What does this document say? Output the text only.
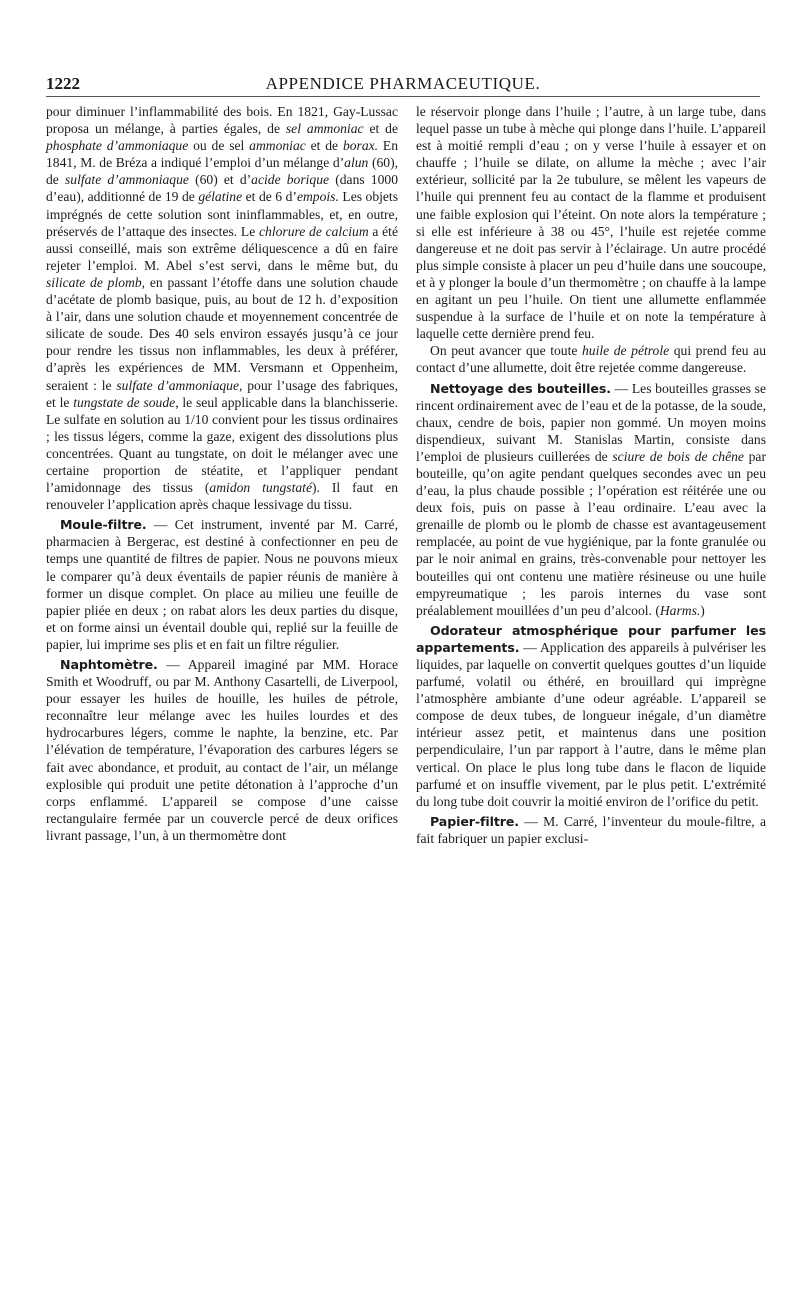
1222	APPENDICE PHARMACEUTIQUE.

pour diminuer l’inflammabilité des bois. En 1821, Gay-Lussac proposa un mélange, à parties égales, de sel ammoniac et de phosphate d’ammoniaque ou de sel ammoniac et de borax. En 1841, M. de Bréza a indiqué l’emploi d’un mélange d’alun (60), de sulfate d’ammoniaque (60) et d’acide borique (dans 1000 d’eau), additionné de 19 de gélatine et de 6 d’empois. Les objets imprégnés de cette solution sont ininflammables, et, en outre, préservés de l’attaque des insectes. Le chlorure de calcium a été aussi conseillé, mais son extrême déliquescence a dû en faire rejeter l’emploi. M. Abel s’est servi, dans le même but, du silicate de plomb, en passant l’étoffe dans une solution chaude d’acétate de plomb basique, puis, au bout de 12 h. d’exposition à l’air, dans une solution chaude et moyennement concentrée de silicate de soude. Des 40 sels environ essayés jusqu’à ce jour pour rendre les tissus non inflammables, les deux à préférer, d’après les expériences de MM. Versmann et Oppenheim, seraient : le sulfate d’ammoniaque, pour l’usage des fabriques, et le tungstate de soude, le seul applicable dans la blanchisserie. Le sulfate en solution au 1/10 convient pour les tissus ordinaires ; les tissus légers, comme la gaze, exigent des dissolutions plus concentrées. Quant au tungstate, on doit le mélanger avec une certaine proportion de stéatite, et l’appliquer pendant l’amidonnage des tissus (amidon tungstaté). Il faut en renouveler l’application après chaque lessivage du tissu.

Moule-filtre. — Cet instrument, inventé par M. Carré, pharmacien à Bergerac, est destiné à confectionner en peu de temps une quantité de filtres de papier. Nous ne pouvons mieux le comparer qu’à deux éventails de papier réunis de manière à former un disque complet. On place au milieu une feuille de papier pliée en deux ; on rabat alors les deux parties du disque, et on forme ainsi un éventail double qui, replié sur la feuille de papier, lui imprime ses plis et en fait un filtre régulier.

Naphtomètre. — Appareil imaginé par MM. Horace Smith et Woodruff, ou par M. Anthony Casartelli, de Liverpool, pour essayer les huiles de houille, les huiles de pétrole, reconnaître leur mélange avec les huiles lourdes et des hydrocarbures légers, comme le naphte, la benzine, etc. Par l’élévation de température, l’évaporation des carbures légers se fait avec abondance, et produit, au contact de l’air, un mélange explosible qui produit une petite détonation à l’approche d’un corps enflammé. L’appareil se compose d’une caisse rectangulaire fermée par un couvercle percé de deux orifices livrant passage, l’un, à un thermomètre dont

le réservoir plonge dans l’huile ; l’autre, à un large tube, dans lequel passe un tube à mèche qui plonge dans l’huile. L’appareil est à moitié rempli d’eau ; on y verse l’huile à essayer et on chauffe ; l’huile se dilate, on allume la mèche ; avec l’air extérieur, sollicité par la 2e tubulure, se mêlent les vapeurs de l’huile qui prennent feu au contact de la flamme et produisent une faible explosion qui l’éteint. On note alors la température ; si elle est inférieure à 38 ou 45°, l’huile est rejetée comme dangereuse et ne doit pas servir à l’éclairage. Un autre procédé plus simple consiste à placer un peu d’huile dans une soucoupe, et à y plonger la boule d’un thermomètre ; on chauffe à la lampe en agitant un peu l’huile. On tient une allumette enflammée suspendue à la surface de l’huile et on note la température à laquelle cette dernière prend feu.

On peut avancer que toute huile de pétrole qui prend feu au contact d’une allumette, doit être rejetée comme dangereuse.

Nettoyage des bouteilles. — Les bouteilles grasses se rincent ordinairement avec de l’eau et de la potasse, de la soude, chaux, cendre de bois, papier non gommé. Un moyen moins dispendieux, suivant M. Stanislas Martin, consiste dans l’emploi de plusieurs cuillerées de sciure de bois de chêne par bouteille, qu’on agite pendant quelques secondes avec un peu d’eau, la plus chaude possible ; l’opération est réitérée une ou deux fois, puis on passe à l’eau ordinaire. L’eau avec la grenaille de plomb ou le plomb de chasse est avantageusement remplacée, au point de vue hygiénique, par la fonte granulée ou par le noir animal en grains, très-convenable pour nettoyer les bouteilles qui ont contenu une matière résineuse ou une huile empyreumatique ; les parois internes du vase sont préalablement mouillées d’un peu d’alcool. (Harms.)

Odorateur atmosphérique pour parfumer les appartements. — Application des appareils à pulvériser les liquides, par laquelle on convertit quelques gouttes d’un liquide parfumé, volatil ou éthéré, en brouillard qui imprègne l’atmosphère ambiante d’une odeur agréable. L’appareil se compose de deux tubes, de longueur inégale, d’un diamètre intérieur assez petit, et maintenus dans une position perpendiculaire, l’un par rapport à l’autre, dans le même plan vertical. On place le plus long tube dans le flacon de liquide parfumé et on insuffle vivement, par le plus petit. L’extrémité du long tube doit couvrir la moitié environ de l’orifice du petit.

Papier-filtre. — M. Carré, l’inventeur du moule-filtre, a fait fabriquer un papier exclusi-
